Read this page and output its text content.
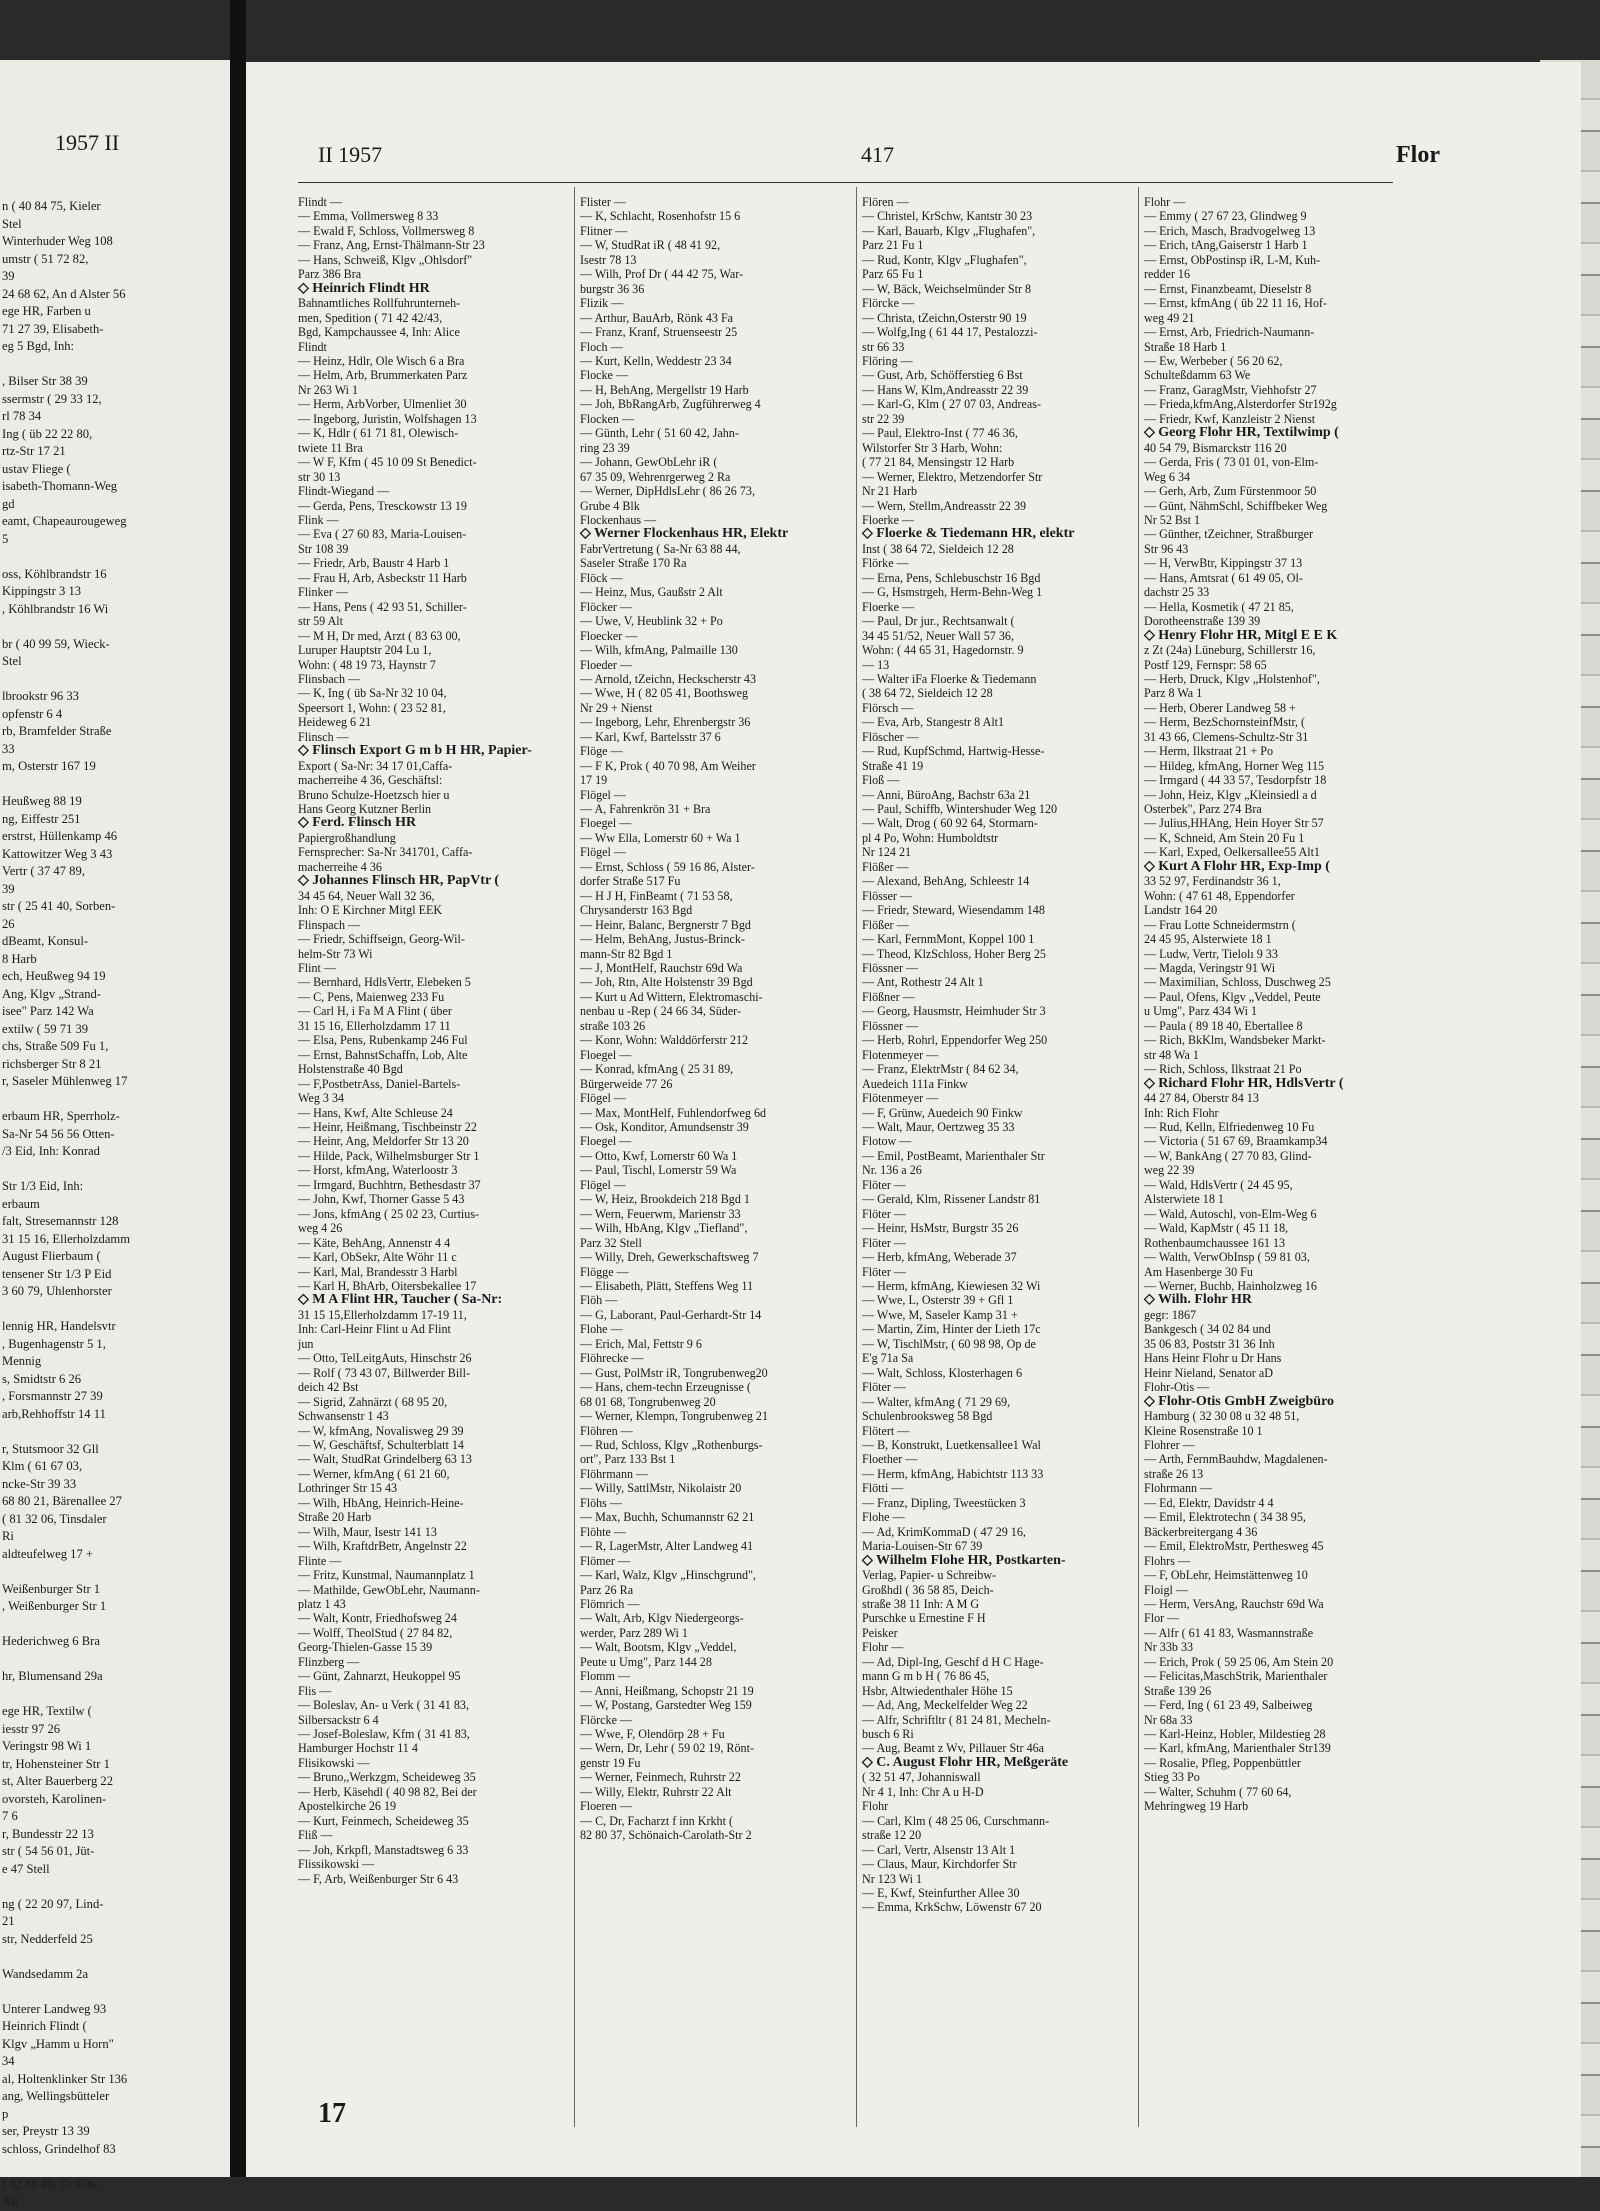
1957 II
n ( 40 84 75, Kieler
Stel
Winterhuder Weg 108
umstr ( 51 72 82,
39
24 68 62, An d Alster 56
ege HR, Farben u
71 27 39, Elisabeth-
eg 5 Bgd, Inh:

, Bilser Str 38 39
ssermstr ( 29 33 12,
rl 78 34
Ing ( üb 22 22 80,
rtz-Str 17 21
ustav Fliege (
isabeth-Thomann-Weg
gd
eamt, Chapeaurougeweg
5

oss, Köhlbrandstr 16
Kippingstr 3 13
, Köhlbrandstr 16 Wi

br ( 40 99 59, Wieck-
Stel

lbrookstr 96 33
opfenstr 6 4
rb, Bramfelder Straße
33
m, Osterstr 167 19

Heußweg 88 19
ng, Eiffestr 251
erstrst, Hüllenkamp 46
Kattowitzer Weg 3 43
Vertr ( 37 47 89,
39
str ( 25 41 40, Sorben-
26
dBeamt, Konsul-
8 Harb
ech, Heußweg 94 19
Ang, Klgv „Strand-
isee" Parz 142 Wa
extilw ( 59 71 39
chs, Straße 509 Fu 1,
richsberger Str 8 21
r, Saseler Mühlenweg 17

erbaum HR, Sperrholz-
Sa-Nr 54 56 56 Otten-
/3 Eid, Inh: Konrad

Str 1/3 Eid, Inh:
erbaum
falt, Stresemannstr 128
31 15 16, Ellerholzdamm
August Flierbaum (
tensener Str 1/3 P Eid
3 60 79, Uhlenhorster

lennig HR, Handelsvtr
, Bugenhagenstr 5 1,
Mennig
s, Smidtstr 6 26
, Forsmannstr 27 39
arb,Rehhoffstr 14 11

r, Stutsmoor 32 Gll
Klm ( 61 67 03,
ncke-Str 39 33
68 80 21, Bärenallee 27
( 81 32 06, Tinsdaler
Ri
aldteufelweg 17 +

Weißenburger Str 1
, Weißenburger Str 1

Hederichweg 6 Bra

hr, Blumensand 29a

ege HR, Textilw (
iesstr 97 26
Veringstr 98 Wi 1
tr, Hohensteiner Str 1
st, Alter Bauerberg 22
ovorsteh, Karolinen-
7 6
r, Bundesstr 22 13
str ( 54 56 01, Jüt-
e 47 Stell

ng ( 22 20 97, Lind-
21
str, Nedderfeld 25

Wandsedamm 2a

Unterer Landweg 93
Heinrich Flindt (
Klgv „Hamm u Horn"
34
al, Holtenklinker Str 136
ang, Wellingsbütteler
p
ser, Preystr 13 39
schloss, Grindelhof 83

( 42 88 40, Gr Elb-
Alt
II 1957	417	Flor
Flindt —
— Emma, Vollmersweg 8 33
— Ewald F, Schloss, Vollmersweg 8
— Franz, Ang, Ernst-Thälmann-Str 23
— Hans, Schweiß, Klgv „Ohlsdorf"
Parz 386 Bra
◇ Heinrich Flindt HR
Bahnamtliches Rollfuhrunterneh-
men, Spedition ( 71 42 42/43,
Bgd, Kampchaussee 4, Inh: Alice
Flindt
— Heinz, Hdlr, Ole Wisch 6 a Bra
— Helm, Arb, Brummerkaten Parz
Nr 263 Wi 1
— Herm, ArbVorber, Ulmenliet 30
— Ingeborg, Juristin, Wolfshagen 13
— K, Hdlr ( 61 71 81, Olewisch-
twiete 11 Bra
— W F, Kfm ( 45 10 09 St Benedict-
str 30 13
Flindt-Wiegand —
— Gerda, Pens, Tresckowstr 13 19
Flink —
— Eva ( 27 60 83, Maria-Louisen-
Str 108 39
— Friedr, Arb, Baustr 4 Harb 1
— Frau H, Arb, Asbeckstr 11 Harb
Flinker —
— Hans, Pens ( 42 93 51, Schiller-
str 59 Alt
— M H, Dr med, Arzt ( 83 63 00,
Luruper Hauptstr 204 Lu 1,
Wohn: ( 48 19 73, Haynstr 7
Flinsbach —
— K, Ing ( üb Sa-Nr 32 10 04,
Speersort 1, Wohn: ( 23 52 81,
Heideweg 6 21
Flinsch —
◇ Flinsch Export G m b H HR, Papier-
Export ( Sa-Nr: 34 17 01,Caffa-
macherreihe 4 36, Geschäftsl:
Bruno Schulze-Hoetzsch hier u
Hans Georg Kutzner Berlin
◇ Ferd. Flinsch HR
Papiergroßhandlung
Fernsprecher: Sa-Nr 341701, Caffa-
macherreihe 4 36
◇ Johannes Flinsch HR, PapVtr (
34 45 64, Neuer Wall 32 36,
Inh: O E Kirchner Mitgl EEK
Flinspach —
— Friedr, Schiffseign, Georg-Wil-
helm-Str 73 Wi
Flint —
— Bernhard, HdlsVertr, Elebeken 5
— C, Pens, Maienweg 233 Fu
— Carl H, i Fa M A Flint ( über
31 15 16, Ellerholzdamm 17 11
— Elsa, Pens, Rubenkamp 246 Ful
— Ernst, BahnstSchaffn, Lob, Alte
Holstenstraße 40 Bgd
— F,PostbetrAss, Daniel-Bartels-
Weg 3 34
— Hans, Kwf, Alte Schleuse 24
— Heinr, Heißmang, Tischbeinstr 22
— Heinr, Ang, Meldorfer Str 13 20
— Hilde, Pack, Wilhelmsburger Str 1
— Horst, kfmAng, Waterloostr 3
— Irmgard, Buchhtrn, Bethesdastr 37
— John, Kwf, Thorner Gasse 5 43
— Jons, kfmAng ( 25 02 23, Curtius-
weg 4 26
— Käte, BehAng, Annenstr 4 4
— Karl, ObSekr, Alte Wöhr 11 c
— Karl, Mal, Brandesstr 3 Harbl
— Karl H, BhArb, Oitersbekallee 17
◇ M A Flint HR, Taucher ( Sa-Nr:
31 15 15,Ellerholzdamm 17-19 11,
Inh: Carl-Heinr Flint u Ad Flint
jun
— Otto, TelLeitgAuts, Hinschstr 26
— Rolf ( 73 43 07, Billwerder Bill-
deich 42 Bst
— Sigrid, Zahnärzt ( 68 95 20,
Schwansenstr 1 43
— W, kfmAng, Novalisweg 29 39
— W, Geschäftsf, Schulterblatt 14
— Walt, StudRat Grindelberg 63 13
— Werner, kfmAng ( 61 21 60,
Lothringer Str 15 43
— Wilh, HbAng, Heinrich-Heine-
Straße 20 Harb
— Wilh, Maur, Isestr 141 13
— Wilh, KraftdrBetr, Angelnstr 22
Flinte —
— Fritz, Kunstmal, Naumannplatz 1
— Mathilde, GewObLehr, Naumann-
platz 1 43
— Walt, Kontr, Friedhofsweg 24
— Wolff, TheolStud ( 27 84 82,
Georg-Thielen-Gasse 15 39
Flinzberg —
— Günt, Zahnarzt, Heukoppel 95
Flis —
— Boleslav, An- u Verk ( 31 41 83,
Silbersackstr 6 4
— Josef-Boleslaw, Kfm ( 31 41 83,
Hamburger Hochstr 11 4
Flisikowski —
— Bruno,,Werkzgm, Scheideweg 35
— Herb, Käsehdl ( 40 98 82, Bei der
Apostelkirche 26 19
— Kurt, Feinmech, Scheideweg 35
Fliß —
— Joh, Krkpfl, Manstadtsweg 6 33
Flissikowski —
— F, Arb, Weißenburger Str 6 43
Flister —
— K, Schlacht, Rosenhofstr 15 6
Flitner —
— W, StudRat iR ( 48 41 92,
Isestr 78 13
— Wilh, Prof Dr ( 44 42 75, War-
burgstr 36 36
Flizik —
— Arthur, BauArb, Rönk 43 Fa
— Franz, Kranf, Struenseestr 25
Floch —
— Kurt, Kelln, Weddestr 23 34
Flocke —
— H, BehAng, Mergellstr 19 Harb
— Joh, BbRangArb, Zugführerweg 4
Flocken —
— Günth, Lehr ( 51 60 42, Jahn-
ring 23 39
— Johann, GewObLehr iR (
67 35 09, Wehrenrgerweg 2 Ra
— Werner, DipHdlsLehr ( 86 26 73,
Grube 4 Blk
Flockenhaus —
◇ Werner Flockenhaus HR, Elektr
FabrVertretung ( Sa-Nr 63 88 44,
Saseler Straße 170 Ra
Flöck —
— Heinz, Mus, Gaußstr 2 Alt
Flöcker —
— Uwe, V, Heublink 32 + Po
Floecker —
— Wilh, kfmAng, Palmaille 130
Floeder —
— Arnold, tZeichn, Heckscherstr 43
— Wwe, H ( 82 05 41, Boothsweg
Nr 29 + Nienst
— Ingeborg, Lehr, Ehrenbergstr 36
— Karl, Kwf, Bartelsstr 37 6
Flöge —
— F K, Prok ( 40 70 98, Am Weiher
17 19
Flögel —
— A, Fahrenkrön 31 + Bra
Floegel —
— Ww Ella, Lomerstr 60 + Wa 1
Flögel —
— Ernst, Schloss ( 59 16 86, Alster-
dorfer Straße 517 Fu
— H J H, FinBeamt ( 71 53 58,
Chrysanderstr 163 Bgd
— Heinr, Balanc, Bergnerstr 7 Bgd
— Helm, BehAng, Justus-Brinck-
mann-Str 82 Bgd 1
— J, MontHelf, Rauchstr 69d Wa
— Joh, Rtn, Alte Holstenstr 39 Bgd
— Kurt u Ad Wittern, Elektromaschi-
nenbau u -Rep ( 24 66 34, Süder-
straße 103 26
— Konr, Wohn: Walddörferstr 212
Floegel —
— Konrad, kfmAng ( 25 31 89,
Bürgerweide 77 26
Flögel —
— Max, MontHelf, Fuhlendorfweg 6d
— Osk, Konditor, Amundsenstr 39
Floegel —
— Otto, Kwf, Lomerstr 60 Wa 1
— Paul, Tischl, Lomerstr 59 Wa
Flögel —
— W, Heiz, Brookdeich 218 Bgd 1
— Wern, Feuerwm, Marienstr 33
— Wilh, HbAng, Klgv „Tiefland",
Parz 32 Stell
— Willy, Dreh, Gewerkschaftsweg 7
Flögge —
— Elisabeth, Plätt, Steffens Weg 11
Flöh —
— G, Laborant, Paul-Gerhardt-Str 14
Flohe —
— Erich, Mal, Fettstr 9 6
Flöhrecke —
— Gust, PolMstr iR, Tongrubenweg20
— Hans, chem-techn Erzeugnisse (
68 01 68, Tongrubenweg 20
— Werner, Klempn, Tongrubenweg 21
Flöhren —
— Rud, Schloss, Klgv „Rothenburgs-
ort", Parz 133 Bst 1
Flöhrmann —
— Willy, SattlMstr, Nikolaistr 20
Flöhs —
— Max, Buchh, Schumannstr 62 21
Flöhte —
— R, LagerMstr, Alter Landweg 41
Flömer —
— Karl, Walz, Klgv „Hinschgrund",
Parz 26 Ra
Flömrich —
— Walt, Arb, Klgv Niedergeorgs-
werder, Parz 289 Wi 1
— Walt, Bootsm, Klgv „Veddel,
Peute u Umg", Parz 144 28
Flomm —
— Anni, Heißmang, Schopstr 21 19
— W, Postang, Garstedter Weg 159
Flörcke —
— Wwe, F, Olendörp 28 + Fu
— Wern, Dr, Lehr ( 59 02 19, Rönt-
genstr 19 Fu
— Werner, Feinmech, Ruhrstr 22
— Willy, Elektr, Ruhrstr 22 Alt
Floeren —
— C, Dr, Facharzt f inn Krkht (
82 80 37, Schönaich-Carolath-Str 2
Flören —
— Christel, KrSchw, Kantstr 30 23
— Karl, Bauarb, Klgv „Flughafen",
Parz 21 Fu 1
— Rud, Kontr, Klgv „Flughafen",
Parz 65 Fu 1
— W, Bäck, Weichselmünder Str 8
Flörcke —
— Christa, tZeichn,Osterstr 90 19
— Wolfg,Ing ( 61 44 17, Pestalozzi-
str 66 33
Flöring —
— Gust, Arb, Schöfferstieg 6 Bst
— Hans W, Klm,Andreasstr 22 39
— Karl-G, Klm ( 27 07 03, Andreas-
str 22 39
— Paul, Elektro-Inst ( 77 46 36,
Wilstorfer Str 3 Harb, Wohn:
( 77 21 84, Mensingstr 12 Harb
— Werner, Elektro, Metzendorfer Str
Nr 21 Harb
— Wern, Stellm,Andreasstr 22 39
Floerke —
◇ Floerke & Tiedemann HR, elektr
Inst ( 38 64 72, Sieldeich 12 28
Flörke —
— Erna, Pens, Schlebuschstr 16 Bgd
— G, Hsmstrgeh, Herm-Behn-Weg 1
Floerke —
— Paul, Dr jur., Rechtsanwalt (
34 45 51/52, Neuer Wall 57 36,
Wohn: ( 44 65 31, Hagedornstr. 9
— 13
— Walter iFa Floerke & Tiedemann
( 38 64 72, Sieldeich 12 28
Flörsch —
— Eva, Arb, Stangestr 8 Alt1
Flöscher —
— Rud, KupfSchmd, Hartwig-Hesse-
Straße 41 19
Floß —
— Anni, BüroAng, Bachstr 63a 21
— Paul, Schiffb, Wintershuder Weg 120
— Walt, Drog ( 60 92 64, Stormarn-
pl 4 Po, Wohn: Humboldtstr
Nr 124 21
Flößer —
— Alexand, BehAng, Schleestr 14
Flösser —
— Friedr, Steward, Wiesendamm 148
Flößer —
— Karl, FernmMont, Koppel 100 1
— Theod, KlzSchloss, Hoher Berg 25
Flössner —
— Ant, Rothestr 24 Alt 1
Flößner —
— Georg, Hausmstr, Heimhuder Str 3
Flössner —
— Herb, Rohrl, Eppendorfer Weg 250
Flotenmeyer —
— Franz, ElektrMstr ( 84 62 34,
Auedeich 111a Finkw
Flötenmeyer —
— F, Grünw, Auedeich 90 Finkw
— Walt, Maur, Oertzweg 35 33
Flotow —
— Emil, PostBeamt, Marienthaler Str
Nr. 136 a 26
Flöter —
— Gerald, Klm, Rissener Landstr 81
Flöter —
— Heinr, HsMstr, Burgstr 35 26
Flöter —
— Herb, kfmAng, Weberade 37
Flöter —
— Herm, kfmAng, Kiewiesen 32 Wi
— Wwe, L, Osterstr 39 + Gfl 1
— Wwe, M, Saseler Kamp 31 +
— Martin, Zim, Hinter der Lieth 17c
— W, TischlMstr, ( 60 98 98, Op de
E'g 71a Sa
— Walt, Schloss, Klosterhagen 6
Flöter —
— Walter, kfmAng ( 71 29 69,
Schulenbrooksweg 58 Bgd
Flötert —
— B, Konstrukt, Luetkensallee1 Wal
Floether —
— Herm, kfmAng, Habichtstr 113 33
Flötti —
— Franz, Dipling, Tweestücken 3
Flohe —
— Ad, KrimKommaD ( 47 29 16,
Maria-Louisen-Str 67 39
◇ Wilhelm Flohe HR, Postkarten-
Verlag, Papier- u Schreibw-
Großhdl ( 36 58 85, Deich-
straße 38 11 Inh: A M G
Purschke u Ernestine F H
Peisker
Flohr —
— Ad, Dipl-Ing, Geschf d H C Hage-
mann G m b H ( 76 86 45,
Hsbr, Altwiedenthaler Höhe 15
— Ad, Ang, Meckelfelder Weg 22
— Alfr, Schriftltr ( 81 24 81, Mecheln-
busch 6 Ri
— Aug, Beamt z Wv, Pillauer Str 46a
◇ C. August Flohr HR, Meßgeräte
( 32 51 47, Johanniswall
Nr 4 1, Inh: Chr A u H-D
Flohr
— Carl, Klm ( 48 25 06, Curschmann-
straße 12 20
— Carl, Vertr, Alsenstr 13 Alt 1
— Claus, Maur, Kirchdorfer Str
Nr 123 Wi 1
— E, Kwf, Steinfurther Allee 30
— Emma, KrkSchw, Löwenstr 67 20
Flohr —
— Emmy ( 27 67 23, Glindweg 9
— Erich, Masch, Bradvogelweg 13
— Erich, tAng,Gaiserstr 1 Harb 1
— Ernst, ObPostinsp iR, L-M, Kuh-
redder 16
— Ernst, Finanzbeamt, Dieselstr 8
— Ernst, kfmAng ( üb 22 11 16, Hof-
weg 49 21
— Ernst, Arb, Friedrich-Naumann-
Straße 18 Harb 1
— Ew, Werbeber ( 56 20 62,
Schulteßdamm 63 We
— Franz, GaragMstr, Viehhofstr 27
— Frieda,kfmAng,Alsterdorfer Str192g
— Friedr, Kwf, Kanzleistr 2 Nienst
◇ Georg Flohr HR, Textilwimp (
40 54 79, Bismarckstr 116 20
— Gerda, Fris ( 73 01 01, von-Elm-
Weg 6 34
— Gerh, Arb, Zum Fürstenmoor 50
— Günt, NähmSchl, Schiffbeker Weg
Nr 52 Bst 1
— Günther, tZeichner, Straßburger
Str 96 43
— H, VerwBtr, Kippingstr 37 13
— Hans, Amtsrat ( 61 49 05, Ol-
dachstr 25 33
— Hella, Kosmetik ( 47 21 85,
Dorotheenstraße 139 39
◇ Henry Flohr HR, Mitgl E E K
z Zt (24a) Lüneburg, Schillerstr 16,
Postf 129, Fernspr: 58 65
— Herb, Druck, Klgv „Holstenhof",
Parz 8 Wa 1
— Herb, Oberer Landweg 58 +
— Herm, BezSchornsteinfMstr, (
31 43 66, Clemens-Schultz-Str 31
— Herm, Ilkstraat 21 + Po
— Hildeg, kfmAng, Horner Weg 115
— Irmgard ( 44 33 57, Tesdorpfstr 18
— John, Heiz, Klgv „Kleinsiedl a d
Osterbek", Parz 274 Bra
— Julius,HHAng, Hein Hoyer Str 57
— K, Schneid, Am Stein 20 Fu 1
— Karl, Exped, Oelkersallee55 Alt1
◇ Kurt A Flohr HR, Exp-Imp (
33 52 97, Ferdinandstr 36 1,
Wohn: ( 47 61 48, Eppendorfer
Landstr 164 20
— Frau Lotte Schneidermstrn (
24 45 95, Alsterwiete 18 1
— Ludw, Vertr, Tielolı 9 33
— Magda, Veringstr 91 Wi
— Maximilian, Schloss, Duschweg 25
— Paul, Ofens, Klgv „Veddel, Peute
u Umg", Parz 434 Wi 1
— Paula ( 89 18 40, Ebertallee 8
— Rich, BkKlm, Wandsbeker Markt-
str 48 Wa 1
— Rich, Schloss, Ilkstraat 21 Po
◇ Richard Flohr HR, HdlsVertr (
44 27 84, Oberstr 84 13
Inh: Rich Flohr
— Rud, Kelln, Elfriedenweg 10 Fu
— Victoria ( 51 67 69, Braamkamp34
— W, BankAng ( 27 70 83, Glind-
weg 22 39
— Wald, HdlsVertr ( 24 45 95,
Alsterwiete 18 1
— Wald, Autoschl, von-Elm-Weg 6
— Wald, KapMstr ( 45 11 18,
Rothenbaumchaussee 161 13
— Walth, VerwObInsp ( 59 81 03,
Am Hasenberge 30 Fu
— Werner, Buchb, Hainholzweg 16
◇ Wilh. Flohr HR
gegr: 1867
Bankgesch ( 34 02 84 und
35 06 83, Poststr 31 36 Inh
Hans Heinr Flohr u Dr Hans
Heinr Nieland, Senator aD
Flohr-Otis —
◇ Flohr-Otis GmbH Zweigbüro
Hamburg ( 32 30 08 u 32 48 51,
Kleine Rosenstraße 10 1
Flohrer —
— Arth, FernmBauhdw, Magdalenen-
straße 26 13
Flohrmann —
— Ed, Elektr, Davidstr 4 4
— Emil, Elektrotechn ( 34 38 95,
Bäckerbreitergang 4 36
— Emil, ElektroMstr, Perthesweg 45
Flohrs —
— F, ObLehr, Heimstättenweg 10
Floigl —
— Herm, VersAng, Rauchstr 69d Wa
Flor —
— Alfr ( 61 41 83, Wasmannstraße
Nr 33b 33
— Erich, Prok ( 59 25 06, Am Stein 20
— Felicitas,MaschStrik, Marienthaler
Straße 139 26
— Ferd, Ing ( 61 23 49, Salbeiweg
Nr 68a 33
— Karl-Heinz, Hobler, Mildestieg 28
— Karl, kfmAng, Marienthaler Str139
— Rosalie, Pfleg, Poppenbüttler
Stieg 33 Po
— Walter, Schuhm ( 77 60 64,
Mehringweg 19 Harb
17
